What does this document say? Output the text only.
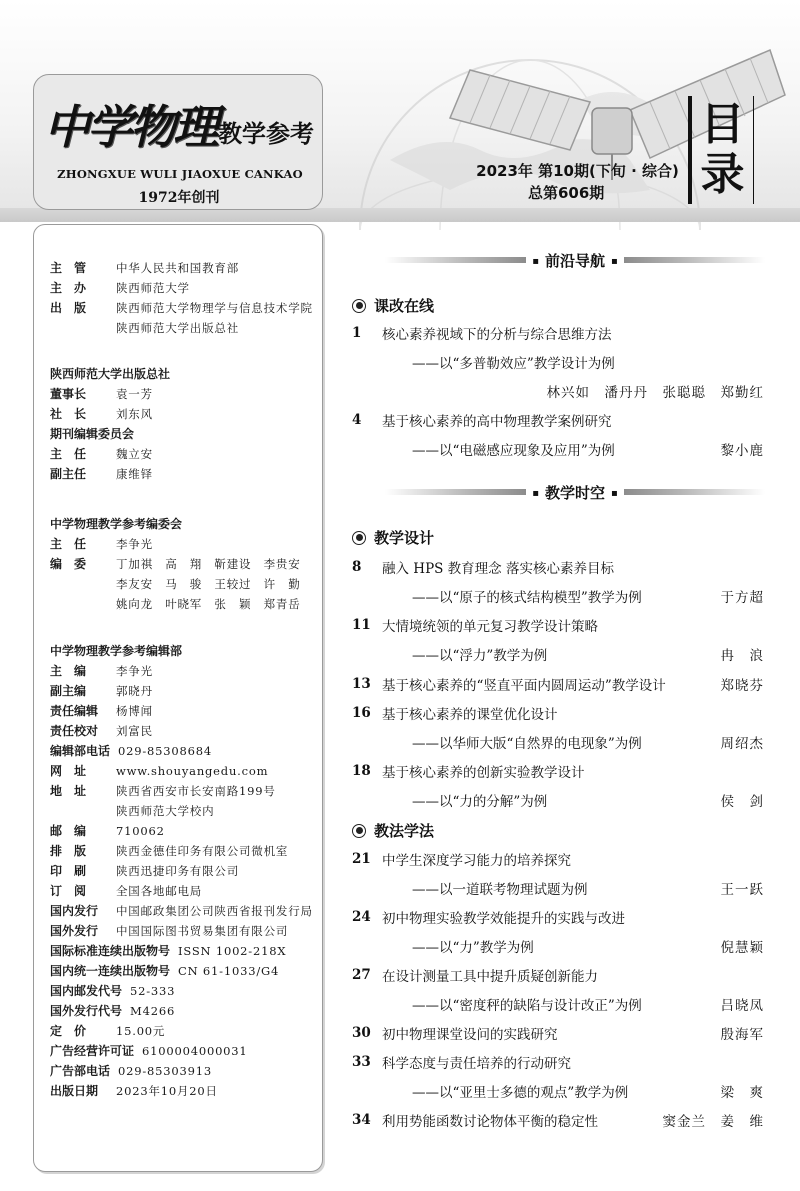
中学物理 教学参考
ZHONGXUE WULI JIAOXUE CANKAO
1972年创刊
2023年 第10期(下旬 · 综合)

总第606期
目
录
主　管	中华人民共和国教育部
主　办	陕西师范大学
出　版	陕西师范大学物理学与信息技术学院
陕西师范大学出版总社
陕西师范大学出版总社
董事长	袁一芳
社　长	刘东风
期刊编辑委员会
主　任	魏立安
副主任	康维铎
中学物理教学参考编委会
主　任	李争光
编　委	丁加祺　高　翔　靳建设　李贵安
李友安　马　骏　王较过　许　勤
姚向龙　叶晓军　张　颖　郑青岳
中学物理教学参考编辑部
主　编	李争光
副主编	郭晓丹
责任编辑	杨博闻
责任校对	刘富民
编辑部电话 029-85308684
网　址	www.shouyangedu.com
地　址	陕西省西安市长安南路199号
陕西师范大学校内
邮　编	710062
排　版	陕西金德佳印务有限公司微机室
印　刷	陕西迅捷印务有限公司
订　阅	全国各地邮电局
国内发行	中国邮政集团公司陕西省报刊发行局
国外发行	中国国际图书贸易集团有限公司
国际标准连续出版物号 ISSN 1002-218X
国内统一连续出版物号 CN 61-1033/G4
国内邮发代号 52-333
国外发行代号 M4266
定　价	15.00元
广告经营许可证 6100004000031
广告部电话 029-85303913
出版日期	2023年10月20日
▪ 前沿导航 ▪
课改在线
1	核心素养视域下的分析与综合思维方法
——以“多普勒效应”教学设计为例
林兴如　潘丹丹　张聪聪　郑勤红
4	基于核心素养的高中物理教学案例研究
——以“电磁感应现象及应用”为例	黎小鹿
▪ 教学时空 ▪
教学设计
8	融入 HPS 教育理念 落实核心素养目标
——以“原子的核式结构模型”教学为例	于方超
11 大情境统领的单元复习教学设计策略
——以“浮力”教学为例	冉　浪
13 基于核心素养的“竖直平面内圆周运动”教学设计	郑晓芬
16 基于核心素养的课堂优化设计
——以华师大版“自然界的电现象”为例	周绍杰
18 基于核心素养的创新实验教学设计
——以“力的分解”为例	侯　剑
教法学法
21 中学生深度学习能力的培养探究
——以一道联考物理试题为例	王一跃
24 初中物理实验教学效能提升的实践与改进
——以“力”教学为例	倪慧颖
27 在设计测量工具中提升质疑创新能力
——以“密度秤的缺陷与设计改正”为例	吕晓凤
30 初中物理课堂设问的实践研究	殷海军
33 科学态度与责任培养的行动研究
——以“亚里士多德的观点”教学为例	梁　爽
34 利用势能函数讨论物体平衡的稳定性	窦金兰　姜　维
